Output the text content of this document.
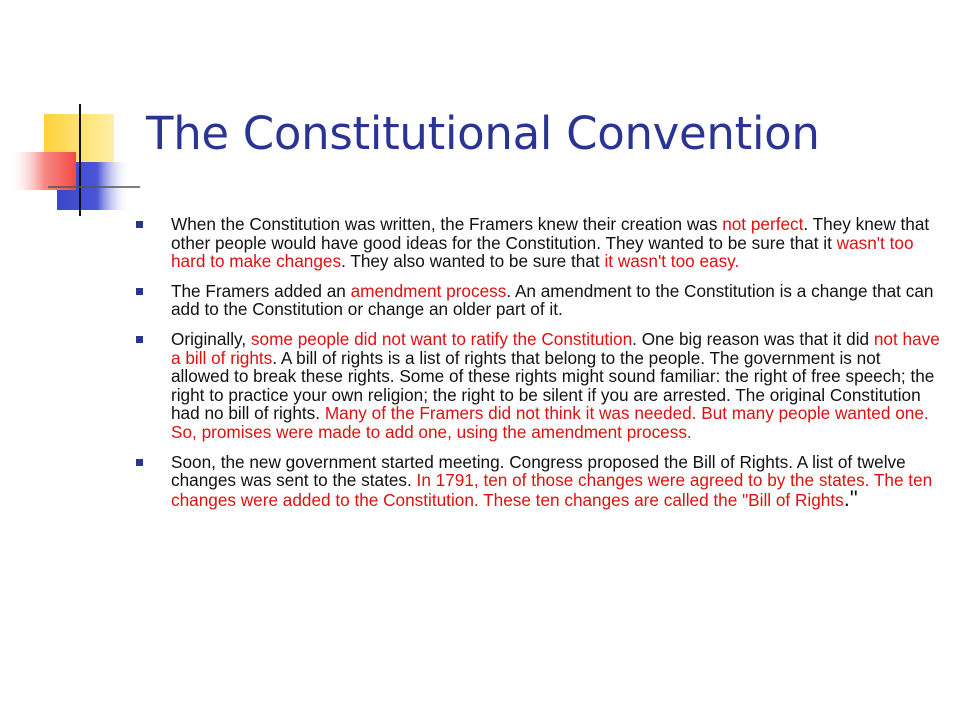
The Constitutional Convention
When the Constitution was written, the Framers knew their creation was not perfect. They knew that other people would have good ideas for the Constitution. They wanted to be sure that it wasn't too hard to make changes. They also wanted to be sure that it wasn't too easy.
The Framers added an amendment process. An amendment to the Constitution is a change that can add to the Constitution or change an older part of it.
Originally, some people did not want to ratify the Constitution. One big reason was that it did not have a bill of rights. A bill of rights is a list of rights that belong to the people. The government is not allowed to break these rights. Some of these rights might sound familiar: the right of free speech; the right to practice your own religion; the right to be silent if you are arrested. The original Constitution had no bill of rights. Many of the Framers did not think it was needed. But many people wanted one. So, promises were made to add one, using the amendment process.
Soon, the new government started meeting. Congress proposed the Bill of Rights. A list of twelve changes was sent to the states. In 1791, ten of those changes were agreed to by the states. The ten changes were added to the Constitution. These ten changes are called the "Bill of Rights."
